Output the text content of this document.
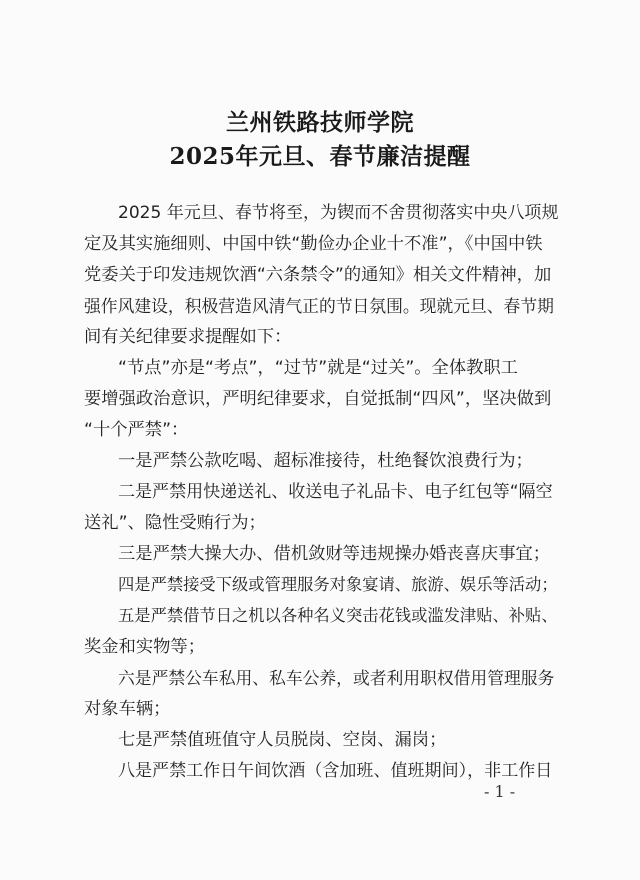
兰州铁路技师学院
2025年元旦、春节廉洁提醒
2025 年元旦、春节将至，为锲而不舍贯彻落实中央八项规
定及其实施细则、中国中铁“勤俭办企业十不准”，《中国中铁
党委关于印发违规饮酒“六条禁令”的通知》相关文件精神，加
强作风建设，积极营造风清气正的节日氛围。现就元旦、春节期
间有关纪律要求提醒如下：
“节点”亦是“考点”，“过节”就是“过关”。全体教职工
要增强政治意识，严明纪律要求，自觉抵制“四风”，坚决做到
“十个严禁”：
一是严禁公款吃喝、超标准接待，杜绝餐饮浪费行为；
二是严禁用快递送礼、收送电子礼品卡、电子红包等“隔空
送礼”、隐性受贿行为；
三是严禁大操大办、借机敛财等违规操办婚丧喜庆事宜；
四是严禁接受下级或管理服务对象宴请、旅游、娱乐等活动；
五是严禁借节日之机以各种名义突击花钱或滥发津贴、补贴、
奖金和实物等；
六是严禁公车私用、私车公养，或者利用职权借用管理服务
对象车辆；
七是严禁值班值守人员脱岗、空岗、漏岗；
八是严禁工作日午间饮酒（含加班、值班期间），非工作日
- 1 -
